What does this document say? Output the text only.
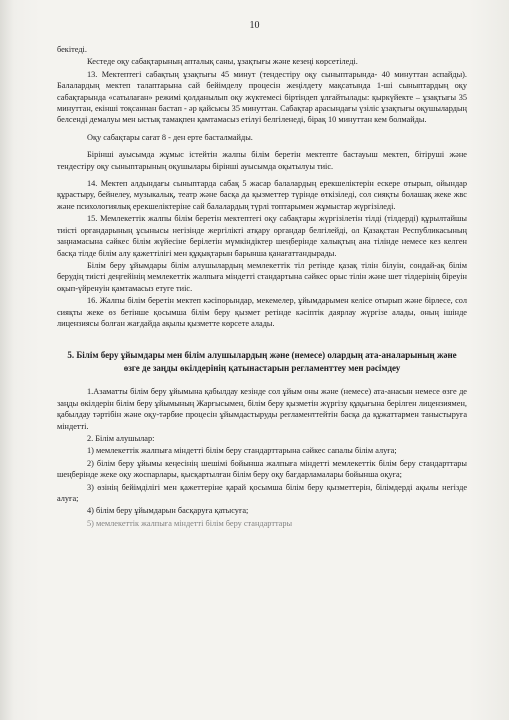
10

бекітеді.

Кестеде оқу сабақтарының апталық саны, ұзақтығы және кезеңі көрсетіледі.

13. Мектептегі сабақтың ұзақтығы 45 минут (тендестіру оқу сыныптарында- 40 минуттан аспайды). Балалардың мектеп талаптарына сай бейімделу процесін жеңілдету мақсатында 1-ші сыныптардың оқу сабақтарында «сатылаған» режимі қолданылып оқу жүктемесі біртіндеп ұлғайтылады: қыркүйекте – ұзақтығы 35 минуттан, екінші тоқсаннан бастап - әр қайсысы 35 минуттан. Сабақтар арасындағы үзіліс ұзақтығы оқушылардың белсенді демалуы мен ыстық тамақпен қамтамасыз етілуі белгіленеді, бірақ 10 минуттан кем болмайды.

Оқу сабақтары сағат 8 - ден ерте басталмайды.

Бірінші ауысымда жұмыс істейтін жалпы білім беретін мектепте бастауыш мектеп, бітіруші және тендестіру оқу сыныптарының оқушылары бірінші ауысымда оқытылуы тиіс.

14. Мектеп алдындағы сыныптарда сабақ 5 жасар балалардың ерекшеліктерін ескере отырып, ойындар құрастыру, бейнелеу, музыкалық, театр және басқа да қызметтер түрінде өткізіледі, сол сияқты болашақ жеке жвс және психологиялық ерекшеліктеріне сай балалардың түрлі топтарымен жұмыстар жүргізіледі.

15. Мемлекеттік жалпы білім беретін мектептегі оқу сабақтары жүргізілетін тілді (тілдерді) құрылтайшы тиісті органдарының ұсынысы негізінде жергілікті атқару органдар белгілейді, ол Қазақстан Республикасының заңнамасына сәйкес білім жүйесіне берілетін мүмкіндіктер шеңберінде халықтың ана тілінде немесе кез келген басқа тілде білім алу қажеттілігі мен құқықтарын барынша қанағаттандырады.

Білім беру ұйымдары білім алушылардың мемлекеттік тіл ретінде қазақ тілін білуін, сондай-ақ білім берудің тиісті деңгейінің мемлекеттік жалпыға міндетті стандартына сәйкес орыс тілін және шет тілдерінің біреуін оқып-үйренуін қамтамасыз етуге тиіс.

16. Жалпы білім беретін мектеп кәсіпорындар, мекемелер, ұйымдарымен келісе отырып және бірлесе, сол сияқты жеке өз бетінше қосымша білім беру қызмет ретінде кәсіптік даярлау жүргізе алады, оның ішінде лицензиясы болған жағдайда ақылы қызметте көрсете алады.

5. Білім беру ұйымдары мен білім алушылардың және (немесе) олардың ата-аналарының және өзге де заңды өкілдерінің қатынастарын регламенттеу мен рәсімдеу

1.Азаматты білім беру ұйымына қабылдау кезінде сол ұйым оны және (немесе) ата-анасын немесе өзге де заңды өкілдерін білім беру ұйымының Жарғысымен, білім беру қызметін жүргізу құқығына берілген лицензиямен, қабылдау тәртібін және оқу-тәрбие процесін ұйымдастыруды регламенттейтін басқа да құжаттармен таныстыруға міндетті.

2. Білім алушылар:

1) мемлекеттік жалпыға міндетті білім беру стандарттарына сәйкес сапалы білім алуға;

2) білім беру ұйымы кеңесінің шешімі бойынша жалпыға міндетті мемлекеттік білім беру стандарттары шеңберінде жеке оқу жоспарлары, қысқартылған білім беру оқу бағдарламалары бойынша оқуға;

3) өзінің бейімділігі мен қажеттеріне қарай қосымша білім беру қызметтерін, білімдерді ақылы негізде алуға;

4) білім беру ұйымдарын басқаруға қатысуға;

5) мемлекеттік жалпыға міндетті білім беру стандарттары
